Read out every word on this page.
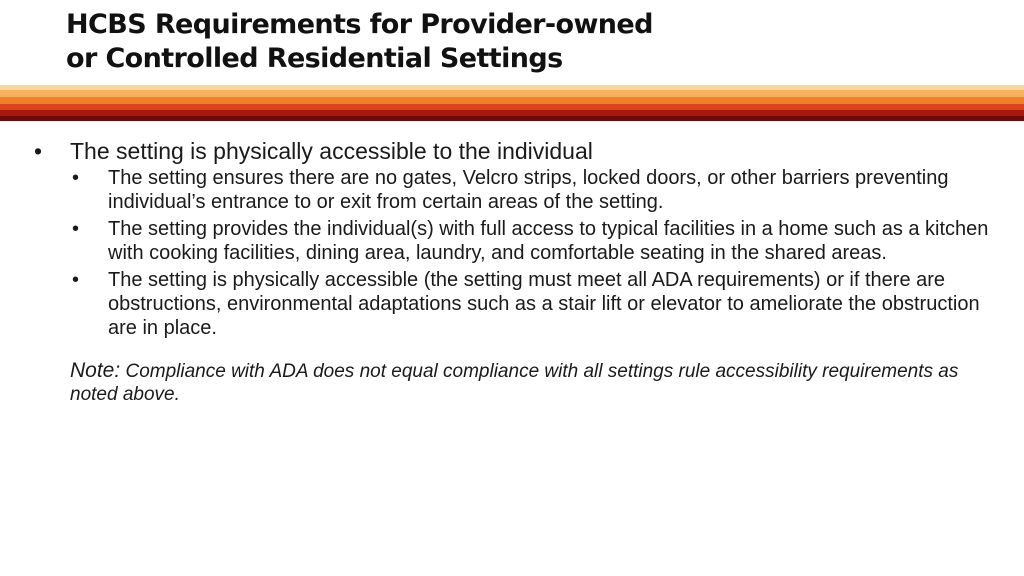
HCBS Requirements for Provider-owned
or Controlled Residential Settings

• The setting is physically accessible to the individual

• The setting ensures there are no gates, Velcro strips, locked doors, or other barriers preventing individual’s entrance to or exit from certain areas of the setting.
• The setting provides the individual(s) with full access to typical facilities in a home such as a kitchen with cooking facilities, dining area, laundry, and comfortable seating in the shared areas.
• The setting is physically accessible (the setting must meet all ADA requirements) or if there are obstructions, environmental adaptations such as a stair lift or elevator to ameliorate the obstruction are in place.

Note: Compliance with ADA does not equal compliance with all settings rule accessibility requirements as noted above.
